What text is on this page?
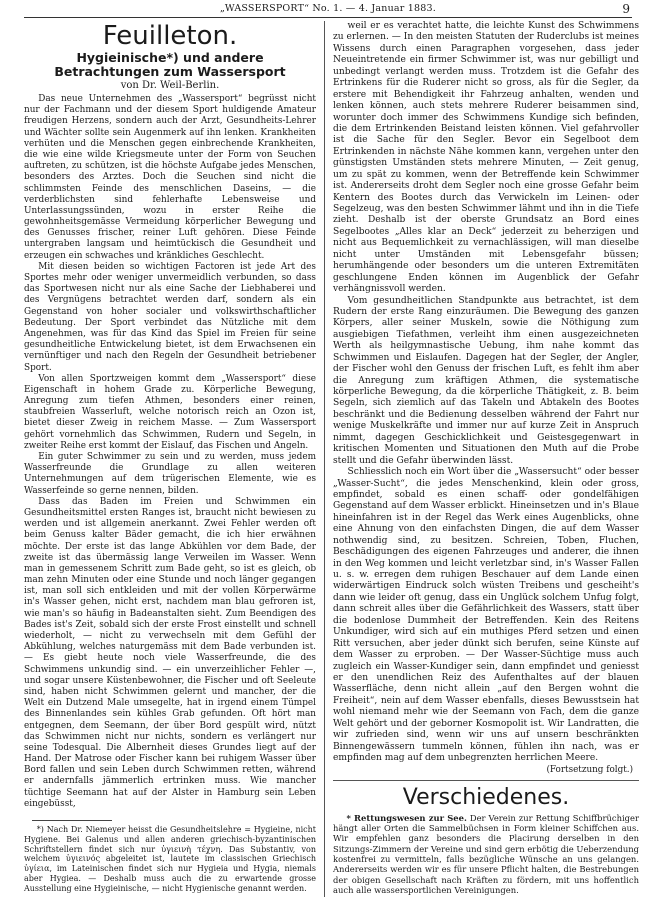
„WASSERSPORT“ No. 1. — 4. Januar 1883.	9
Feuilleton.
Hygieinische*) und andere Betrachtungen zum Wassersport
von Dr. Weil-Berlin.

Das neue Unternehmen des „Wassersport“ begrüsst nicht nur der Fachmann und der diesem Sport huldigende Amateur freudigen Herzens, sondern auch der Arzt, Gesundheits-Lehrer und Wächter sollte sein Augenmerk auf ihn lenken. Krankheiten verhüten und die Menschen gegen einbrechende Krankheiten, die wie eine wilde Kriegsmeute unter der Form von Seuchen auftreten, zu schützen, ist die höchste Aufgabe jedes Menschen, besonders des Arztes. Doch die Seuchen sind nicht die schlimmsten Feinde des menschlichen Daseins, — die verderblichsten sind fehlerhafte Lebensweise und Unterlassungssünden, wozu in erster Reihe die gewohnheitsgemässe Vermeidung körperlicher Bewegung und des Genusses frischer, reiner Luft gehören. Diese Feinde untergraben langsam und heimtückisch die Gesundheit und erzeugen ein schwaches und kränkliches Geschlecht.

Mit diesen beiden so wichtigen Factoren ist jede Art des Sportes mehr oder weniger unvermeidlich verbunden, so dass das Sportwesen nicht nur als eine Sache der Liebhaberei und des Vergnügens betrachtet werden darf, sondern als ein Gegenstand von hoher socialer und volkswirthschaftlicher Bedeutung. Der Sport verbindet das Nützliche mit dem Angenehmen, was für das Kind das Spiel im Freien für seine gesundheitliche Entwickelung bietet, ist dem Erwachsenen ein vernünftiger und nach den Regeln der Gesundheit betriebener Sport.

Von allen Sportzweigen kommt dem „Wassersport“ diese Eigenschaft in hohem Grade zu. Körperliche Bewegung, Anregung zum tiefen Athmen, besonders einer reinen, staubfreien Wasserluft, welche notorisch reich an Ozon ist, bietet dieser Zweig in reichem Masse. — Zum Wassersport gehört vornehmlich das Schwimmen, Rudern und Segeln, in zweiter Reihe erst kommt der Eislauf, das Fischen und Angeln.

Ein guter Schwimmer zu sein und zu werden, muss jedem Wasserfreunde die Grundlage zu allen weiteren Unternehmungen auf dem trügerischen Elemente, wie es Wasserfeinde so gerne nennen, bilden.

Dass das Baden im Freien und Schwimmen ein Gesundheitsmittel ersten Ranges ist, braucht nicht bewiesen zu werden und ist allgemein anerkannt. Zwei Fehler werden oft beim Genuss kalter Bäder gemacht, die ich hier erwähnen möchte. Der erste ist das lange Abkühlen vor dem Bade, der zweite ist das übermässig lange Verweilen im Wasser. Wenn man in gemessenem Schritt zum Bade geht, so ist es gleich, ob man zehn Minuten oder eine Stunde und noch länger gegangen ist, man soll sich entkleiden und mit der vollen Körperwärme in's Wasser gehen, nicht erst, nachdem man blau gefroren ist, wie man's so häufig in Badeanstalten sieht. Zum Beendigen des Bades ist's Zeit, sobald sich der erste Frost einstellt und schnell wiederholt, — nicht zu verwechseln mit dem Gefühl der Abkühlung, welches naturgemäss mit dem Bade verbunden ist. — Es giebt heute noch viele Wasserfreunde, die des Schwimmens unkundig sind. — ein unverzeihlicher Fehler —, und sogar unsere Küstenbewohner, die Fischer und oft Seeleute sind, haben nicht Schwimmen gelernt und mancher, der die Welt ein Dutzend Male umsegelte, hat in irgend einem Tümpel des Binnenlandes sein kühles Grab gefunden. Oft hört man entgegnen, dem Seemann, der über Bord gespült wird, nützt das Schwimmen nicht nur nichts, sondern es verlängert nur seine Todesqual. Die Albernheit dieses Grundes liegt auf der Hand. Der Matrose oder Fischer kann bei ruhigem Wasser über Bord fallen und sein Leben durch Schwimmen retten, während er andernfalls jämmerlich ertrinken muss. Wie mancher tüchtige Seemann hat auf der Alster in Hamburg sein Leben eingebüsst,

*) Nach Dr. Niemeyer heisst die Gesundheitslehre = Hygieine, nicht Hygiene. Bei Galenus und allen anderen griechisch-byzantinischen Schriftstellern findet sich nur ὑγιεινὴ τέχνη. Das Substantiv, von welchem ὑγιεινός abgeleitet ist, lautete im classischen Griechisch ὑγίεια, im Lateinischen findet sich nur Hygieia und Hygia, niemals aber Hygiea. — Deshalb muss auch die zu erwartende grosse Ausstellung eine Hygieinische, — nicht Hygienische genannt werden.

weil er es verachtet hatte, die leichte Kunst des Schwimmens zu erlernen. — In den meisten Statuten der Ruderclubs ist meines Wissens durch einen Paragraphen vorgesehen, dass jeder Neueintretende ein firmer Schwimmer ist, was nur gebilligt und unbedingt verlangt werden muss. Trotzdem ist die Gefahr des Ertrinkens für die Ruderer nicht so gross, als für die Segler, da erstere mit Behendigkeit ihr Fahrzeug anhalten, wenden und lenken können, auch stets mehrere Ruderer beisammen sind, worunter doch immer des Schwimmens Kundige sich befinden, die dem Ertrinkenden Beistand leisten können. Viel gefahrvoller ist die Sache für den Segler. Bevor ein Segelboot dem Ertrinkenden in nächste Nähe kommen kann, vergehen unter den günstigsten Umständen stets mehrere Minuten, — Zeit genug, um zu spät zu kommen, wenn der Betreffende kein Schwimmer ist. Andererseits droht dem Segler noch eine grosse Gefahr beim Kentern des Bootes durch das Verwickeln im Leinen- oder Segelzeug, was den besten Schwimmer lähmt und ihn in die Tiefe zieht. Deshalb ist der oberste Grundsatz an Bord eines Segelbootes „Alles klar an Deck“ jederzeit zu beherzigen und nicht aus Bequemlichkeit zu vernachlässigen, will man dieselbe nicht unter Umständen mit Lebensgefahr büssen; herumhängende oder besonders um die unteren Extremitäten geschlungene Enden können im Augenblick der Gefahr verhängnissvoll werden.

Vom gesundheitlichen Standpunkte aus betrachtet, ist dem Rudern der erste Rang einzuräumen. Die Bewegung des ganzen Körpers, aller seiner Muskeln, sowie die Nöthigung zum ausgiebigen Tiefathmen, verleiht ihm einen ausgezeichneten Werth als heilgymnastische Uebung, ihm nahe kommt das Schwimmen und Eislaufen. Dagegen hat der Segler, der Angler, der Fischer wohl den Genuss der frischen Luft, es fehlt ihm aber die Anregung zum kräftigen Athmen, die systematische körperliche Bewegung, da die körperliche Thätigkeit, z. B. beim Segeln, sich ziemlich auf das Takeln und Abtakeln des Bootes beschränkt und die Bedienung desselben während der Fahrt nur wenige Muskelkräfte und immer nur auf kurze Zeit in Anspruch nimmt, dagegen Geschicklichkeit und Geistesgegenwart in kritischen Momenten und Situationen den Muth auf die Probe stellt und die Gefahr überwinden lässt.

Schliesslich noch ein Wort über die „Wassersucht“ oder besser „Wasser-Sucht“, die jedes Menschenkind, klein oder gross, empfindet, sobald es einen schaff- oder gondelfähigen Gegenstand auf dem Wasser erblickt. Hineinsetzen und in's Blaue hineinfahren ist in der Regel das Werk eines Augenblicks, ohne eine Ahnung von den einfachsten Dingen, die auf dem Wasser nothwendig sind, zu besitzen. Schreien, Toben, Fluchen, Beschädigungen des eigenen Fahrzeuges und anderer, die ihnen in den Weg kommen und leicht verletzbar sind, in's Wasser Fallen u. s. w. erregen dem ruhigen Beschauer auf dem Lande einen widerwärtigen Eindruck solch wüsten Treibens und gescheiht's dann wie leider oft genug, dass ein Unglück solchem Unfug folgt, dann schreit alles über die Gefährlichkeit des Wassers, statt über die bodenlose Dummheit der Betreffenden. Kein des Reitens Unkundiger, wird sich auf ein muthiges Pferd setzen und einen Ritt versuchen, aber jeder dünkt sich berufen, seine Künste auf dem Wasser zu erproben. — Der Wasser-Süchtige muss auch zugleich ein Wasser-Kundiger sein, dann empfindet und geniesst er den unendlichen Reiz des Aufenthaltes auf der blauen Wasserfläche, denn nicht allein „auf den Bergen wohnt die Freiheit“, nein auf dem Wasser ebenfalls, dieses Bewusstsein hat wohl niemand mehr wie der Seemann von Fach, dem die ganze Welt gehört und der geborner Kosmopolit ist. Wir Landratten, die wir zufrieden sind, wenn wir uns auf unsern beschränkten Binnengewässern tummeln können, fühlen ihn nach, was er empfinden mag auf dem unbegrenzten herrlichen Meere.

(Fortsetzung folgt.)
Verschiedenes.

* Rettungswesen zur See. Der Verein zur Rettung Schiffbrüchiger hängt aller Orten die Sammelbüchsen in Form kleiner Schiffchen aus. Wir empfehlen ganz besonders die Placirung derselben in den Sitzungs-Zimmern der Vereine und sind gern erbötig die Ueberzendung kostenfrei zu vermitteln, falls bezügliche Wünsche an uns gelangen. Andererseits werden wir es für unsere Pflicht halten, die Bestrebungen der obigen Gesellschaft nach Kräften zu fördern, mit uns hoffentlich auch alle wassersportlichen Vereinigungen.
